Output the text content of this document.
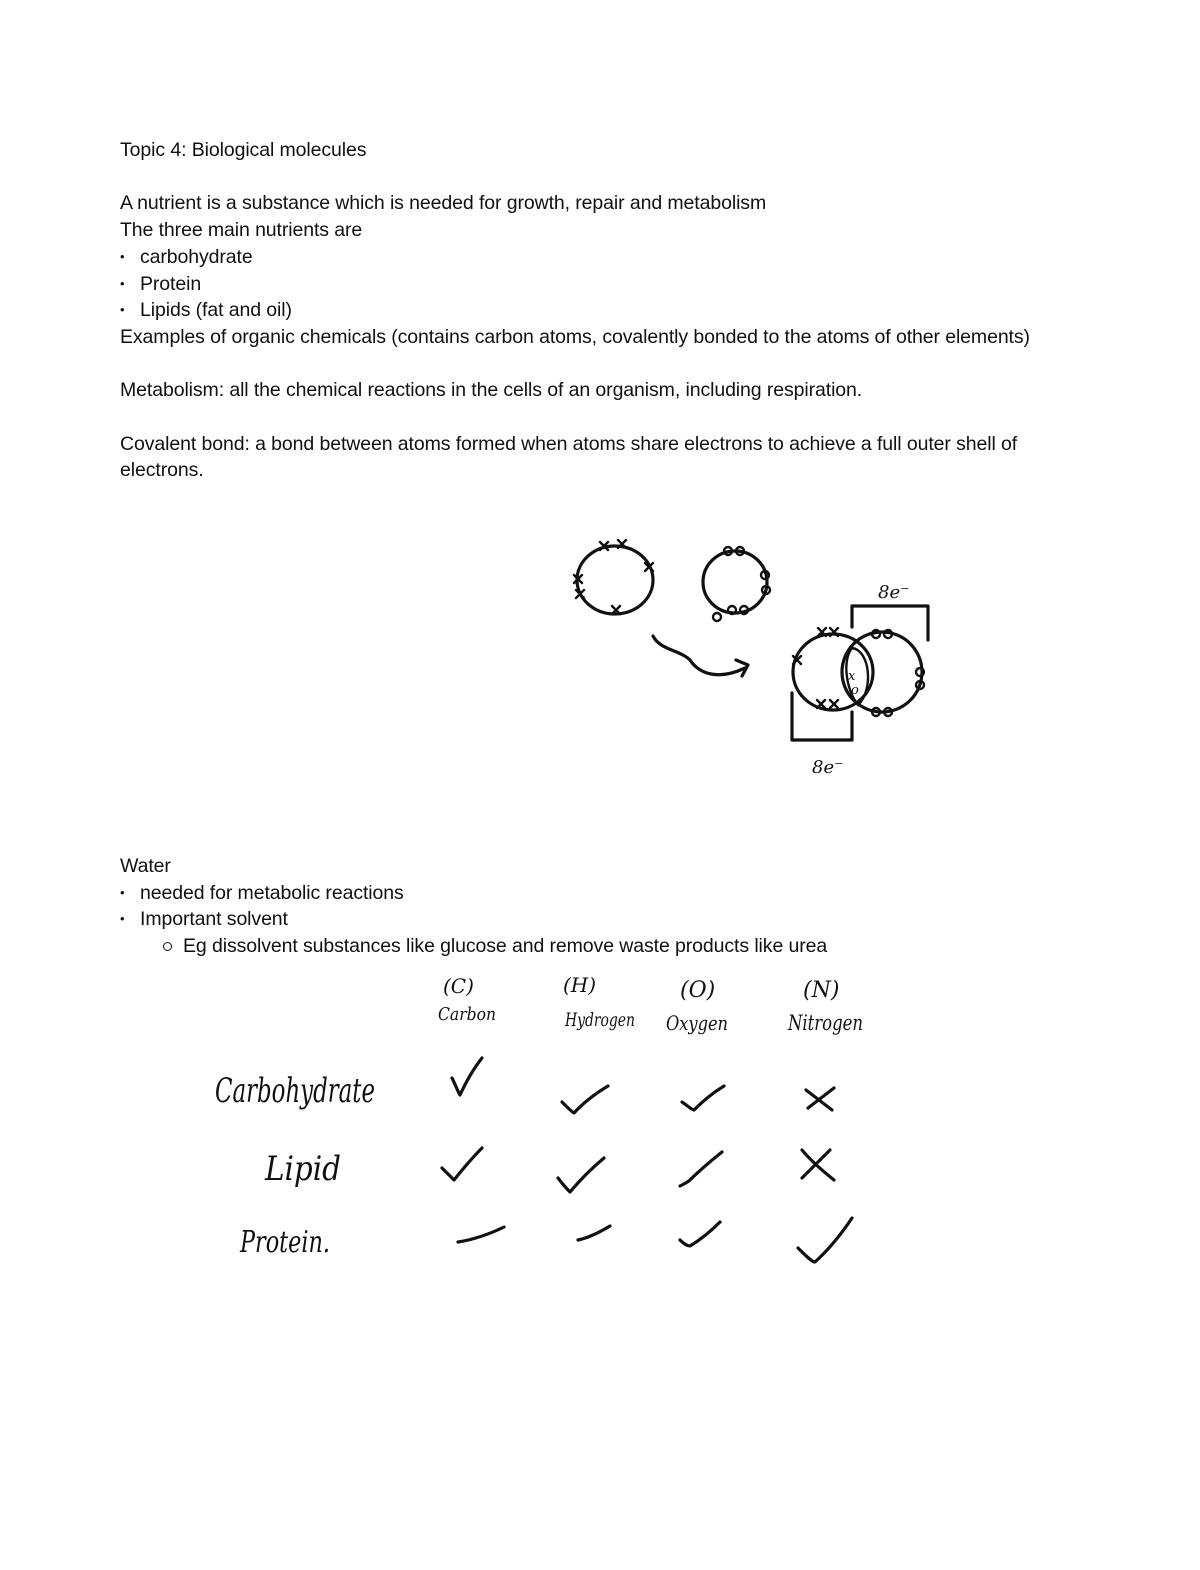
Topic 4: Biological molecules
A nutrient is a substance which is needed for growth, repair and metabolism
The three main nutrients are
• carbohydrate
• Protein
• Lipids (fat and oil)
Examples of organic chemicals (contains carbon atoms, covalently bonded to the atoms of other elements)
Metabolism: all the chemical reactions in the cells of an organism, including respiration.
Covalent bond: a bond between atoms formed when atoms share electrons to achieve a full outer shell of electrons.
Water
• needed for metabolic reactions
• Important solvent
Eg dissolvent substances like glucose and remove waste products like urea
x
o
8e⁻
8e⁻
(C)
Carbon
(H)
Hydrogen
(O)
Oxygen
(N)
Nitrogen
Carbohydrate
Lipid
Protein.
